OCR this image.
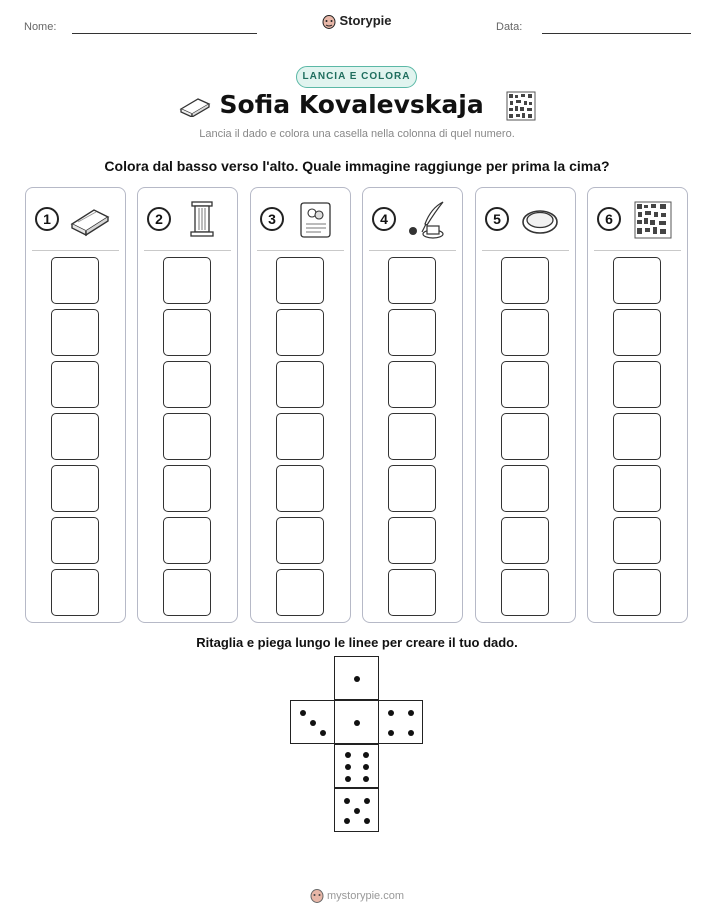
Nome:	Storypie	Data:
LANCIA E COLORA
Sofia Kovalevskaja
Lancia il dado e colora una casella nella colonna di quel numero.
Colora dal basso verso l'alto. Quale immagine raggiunge per prima la cima?
1	2	3	4	5	6
Ritaglia e piega lungo le linee per creare il tuo dado.
mystorypie.com
